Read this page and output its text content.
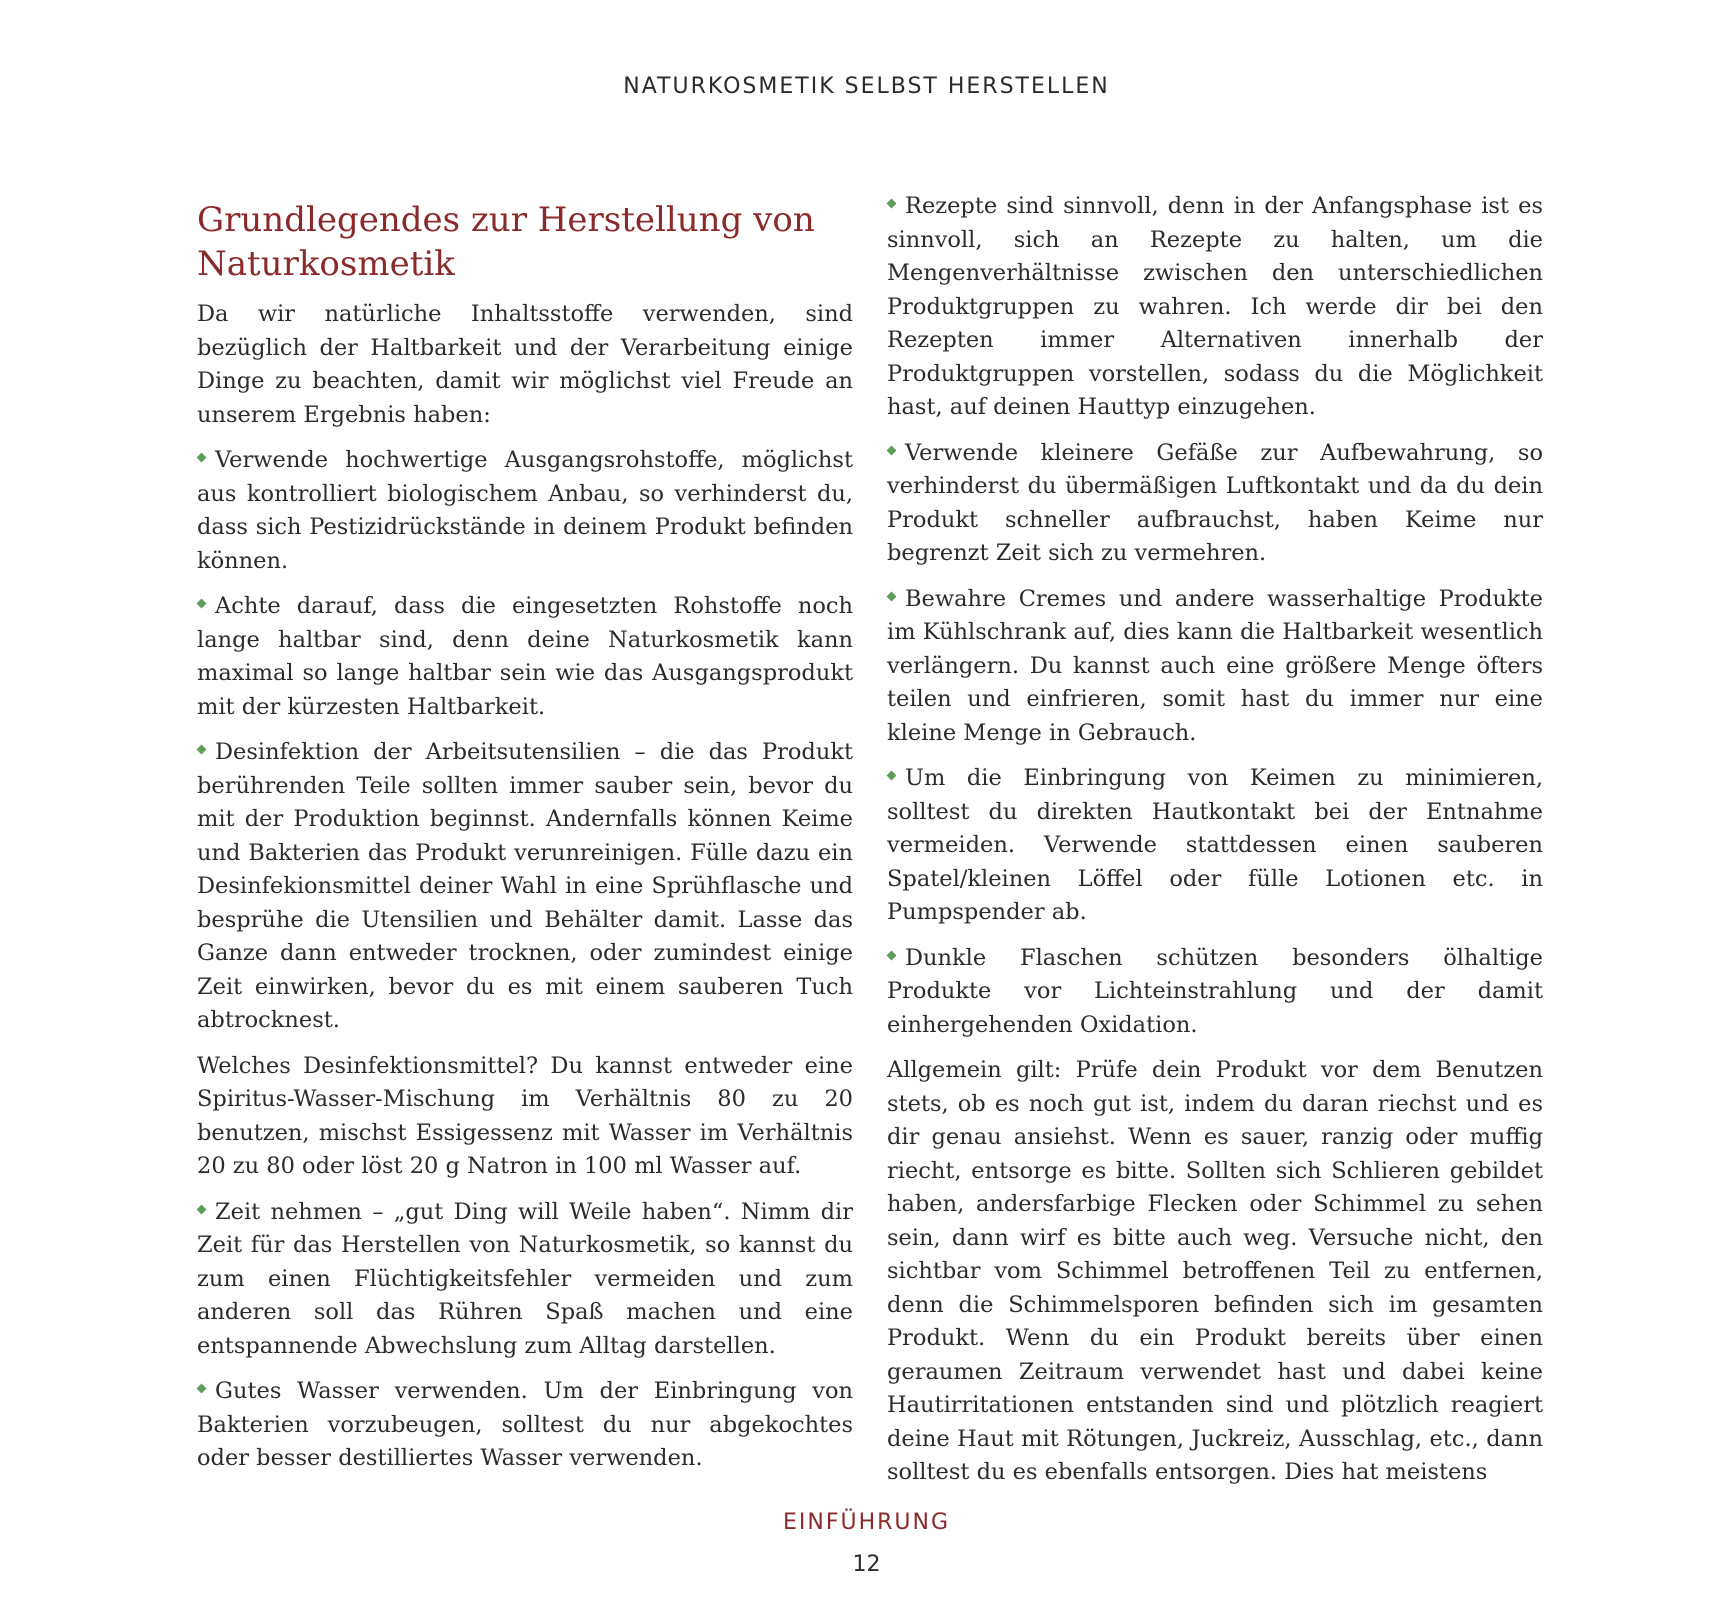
NATURKOSMETIK SELBST HERSTELLEN
Grundlegendes zur Herstellung von Naturkosmetik

Da wir natürliche Inhaltsstoffe verwenden, sind bezüglich der Haltbarkeit und der Verarbeitung einige Dinge zu beachten, damit wir möglichst viel Freude an unserem Ergebnis haben:

Verwende hochwertige Ausgangsrohstoffe, möglichst aus kontrolliert biologischem Anbau, so verhinderst du, dass sich Pestizidrückstände in deinem Produkt befinden können.

Achte darauf, dass die eingesetzten Rohstoffe noch lange haltbar sind, denn deine Naturkosmetik kann maximal so lange haltbar sein wie das Ausgangsprodukt mit der kürzesten Haltbarkeit.

Desinfektion der Arbeitsutensilien – die das Produkt berührenden Teile sollten immer sauber sein, bevor du mit der Produktion beginnst. Andernfalls können Keime und Bakterien das Produkt verunreinigen. Fülle dazu ein Desinfekionsmittel deiner Wahl in eine Sprühflasche und besprühe die Utensilien und Behälter damit. Lasse das Ganze dann entweder trocknen, oder zumindest einige Zeit einwirken, bevor du es mit einem sauberen Tuch abtrocknest.

Welches Desinfektionsmittel? Du kannst entweder eine Spiritus-Wasser-Mischung im Verhältnis 80 zu 20 benutzen, mischst Essigessenz mit Wasser im Verhältnis 20 zu 80 oder löst 20 g Natron in 100 ml Wasser auf.

Zeit nehmen – „gut Ding will Weile haben“. Nimm dir Zeit für das Herstellen von Naturkosmetik, so kannst du zum einen Flüchtigkeitsfehler vermeiden und zum anderen soll das Rühren Spaß machen und eine entspannende Abwechslung zum Alltag darstellen.

Gutes Wasser verwenden. Um der Einbringung von Bakterien vorzubeugen, solltest du nur abgekochtes oder besser destilliertes Wasser verwenden.

Rezepte sind sinnvoll, denn in der Anfangsphase ist es sinnvoll, sich an Rezepte zu halten, um die Mengenverhältnisse zwischen den unterschiedlichen Produktgruppen zu wahren. Ich werde dir bei den Rezepten immer Alternativen innerhalb der Produktgruppen vorstellen, sodass du die Möglichkeit hast, auf deinen Hauttyp einzugehen.

Verwende kleinere Gefäße zur Aufbewahrung, so verhinderst du übermäßigen Luftkontakt und da du dein Produkt schneller aufbrauchst, haben Keime nur begrenzt Zeit sich zu vermehren.

Bewahre Cremes und andere wasserhaltige Produkte im Kühlschrank auf, dies kann die Haltbarkeit wesentlich verlängern. Du kannst auch eine größere Menge öfters teilen und einfrieren, somit hast du immer nur eine kleine Menge in Gebrauch.

Um die Einbringung von Keimen zu minimieren, solltest du direkten Hautkontakt bei der Entnahme vermeiden. Verwende stattdessen einen sauberen Spatel/kleinen Löffel oder fülle Lotionen etc. in Pumpspender ab.

Dunkle Flaschen schützen besonders ölhaltige Produkte vor Lichteinstrahlung und der damit einhergehenden Oxidation.

Allgemein gilt: Prüfe dein Produkt vor dem Benutzen stets, ob es noch gut ist, indem du daran riechst und es dir genau ansiehst. Wenn es sauer, ranzig oder muffig riecht, entsorge es bitte. Sollten sich Schlieren gebildet haben, andersfarbige Flecken oder Schimmel zu sehen sein, dann wirf es bitte auch weg. Versuche nicht, den sichtbar vom Schimmel betroffenen Teil zu entfernen, denn die Schimmelsporen befinden sich im gesamten Produkt. Wenn du ein Produkt bereits über einen geraumen Zeitraum verwendet hast und dabei keine Hautirritationen entstanden sind und plötzlich reagiert deine Haut mit Rötungen, Juckreiz, Ausschlag, etc., dann solltest du es ebenfalls entsorgen. Dies hat meistens

EINFÜHRUNG
12
